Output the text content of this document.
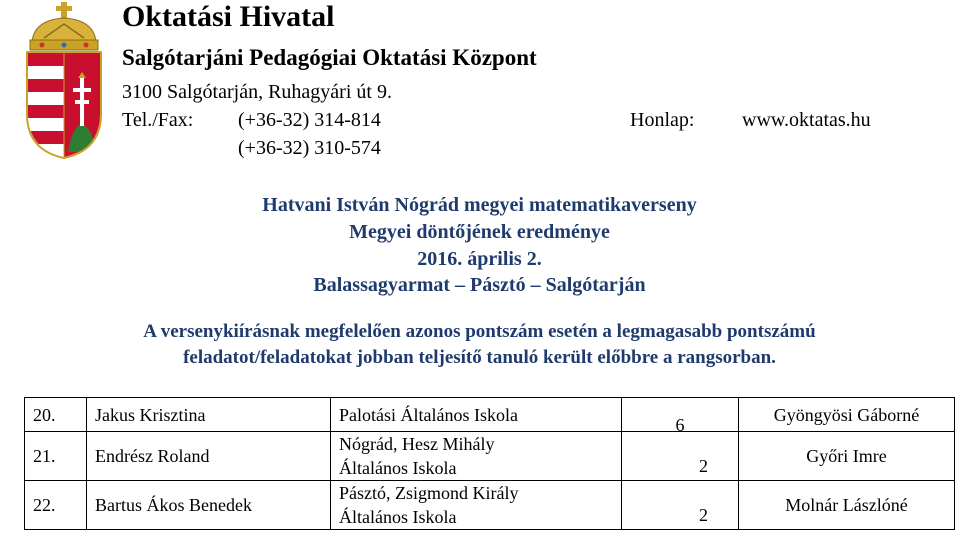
Oktatási Hivatal
Salgótarjáni Pedagógiai Oktatási Központ
3100 Salgótarján, Ruhagyári út 9.
Tel./Fax: (+36-32) 314-814
(+36-32) 310-574
Honlap: www.oktatas.hu
Hatvani István Nógrád megyei matematikaverseny
Megyei döntőjének eredménye
2016. április 2.
Balassagyarmat – Pásztó – Salgótarján
A versenykiírásnak megfelelően azonos pontszám esetén a legmagasabb pontszámú
feladatot/feladatokat jobban teljesítő tanuló került előbbre a rangsorban.
20.	Jakus Krisztina	Palotási Általános Iskola	6	Gyöngyösi Gáborné
21.	Endrész Roland	Nógrád, Hesz Mihály
Általános Iskola	2	Győri Imre
22.	Bartus Ákos Benedek	Pásztó, Zsigmond Király
Általános Iskola	2	Molnár Lászlóné
